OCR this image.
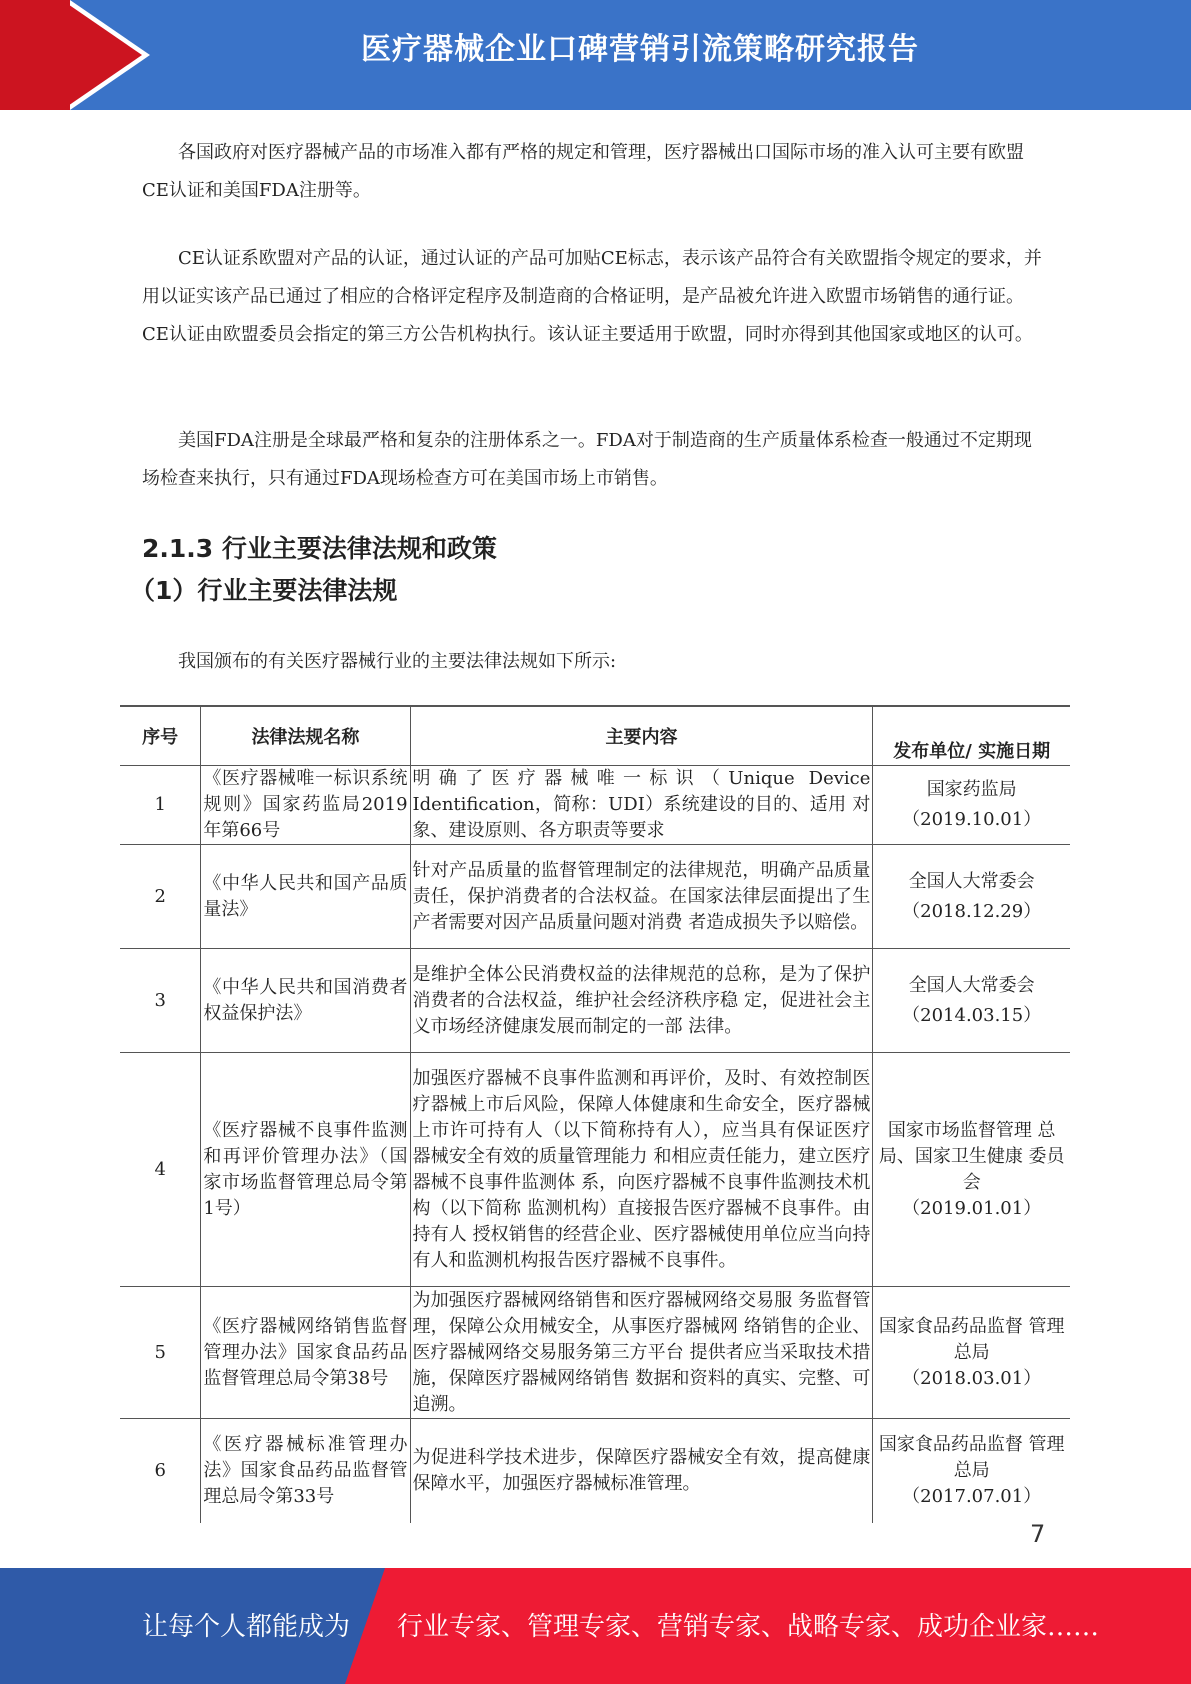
医疗器械企业口碑营销引流策略研究报告

各国政府对医疗器械产品的市场准入都有严格的规定和管理，医疗器械出口国际市场的准入认可主要有欧盟CE认证和美国FDA注册等。

CE认证系欧盟对产品的认证，通过认证的产品可加贴CE标志，表示该产品符合有关欧盟指令规定的要求，并用以证实该产品已通过了相应的合格评定程序及制造商的合格证明，是产品被允许进入欧盟市场销售的通行证。CE认证由欧盟委员会指定的第三方公告机构执行。该认证主要适用于欧盟，同时亦得到其他国家或地区的认可。

美国FDA注册是全球最严格和复杂的注册体系之一。FDA对于制造商的生产质量体系检查一般通过不定期现场检查来执行，只有通过FDA现场检查方可在美国市场上市销售。

2.1.3 行业主要法律法规和政策
（1）行业主要法律法规

我国颁布的有关医疗器械行业的主要法律法规如下所示:

序号	法律法规名称	主要内容	发布单位/ 实施日期
1	《医疗器械唯一标识系统规则》国家药监局2019年第66号	明确了医疗器械唯一标识（Unique Device Identification，简称：UDI）系统建设的目的、适用 对象、建设原则、各方职责等要求	国家药监局
（2019.10.01）

2	《中华人民共和国产品质量法》	针对产品质量的监督管理制定的法律规范，明确产品质量责任，保护消费者的合法权益。在国家法律层面提出了生产者需要对因产品质量问题对消费 者造成损失予以赔偿。	全国人大常委会
（2018.12.29）

3	《中华人民共和国消费者权益保护法》	是维护全体公民消费权益的法律规范的总称，是为了保护消费者的合法权益，维护社会经济秩序稳 定，促进社会主义市场经济健康发展而制定的一部 法律。	全国人大常委会
（2014.03.15）

4	《医疗器械不良事件监测和再评价管理办法》（国家市场监督管理总局令第1号）	加强医疗器械不良事件监测和再评价，及时、有效控制医疗器械上市后风险，保障人体健康和生命安全，医疗器械上市许可持有人（以下简称持有人），应当具有保证医疗器械安全有效的质量管理能力 和相应责任能力，建立医疗器械不良事件监测体 系，向医疗器械不良事件监测技术机构（以下简称 监测机构）直接报告医疗器械不良事件。由持有人 授权销售的经营企业、医疗器械使用单位应当向持 有人和监测机构报告医疗器械不良事件。	国家市场监督管理 总局、国家卫生健康 委员会
（2019.01.01）

5	《医疗器械网络销售监督管理办法》国家食品药品监督管理总局令第38号	为加强医疗器械网络销售和医疗器械网络交易服 务监督管理，保障公众用械安全，从事医疗器械网 络销售的企业、医疗器械网络交易服务第三方平台 提供者应当采取技术措施，保障医疗器械网络销售 数据和资料的真实、完整、可追溯。	国家食品药品监督 管理总局
（2018.03.01）

6	《医疗器械标准管理办法》国家食品药品监督管理总局令第33号	为促进科学技术进步，保障医疗器械安全有效，提高健康保障水平，加强医疗器械标准管理。	国家食品药品监督 管理总局
（2017.07.01）
7
让每个人都能成为 行业专家、管理专家、营销专家、战略专家、成功企业家……
